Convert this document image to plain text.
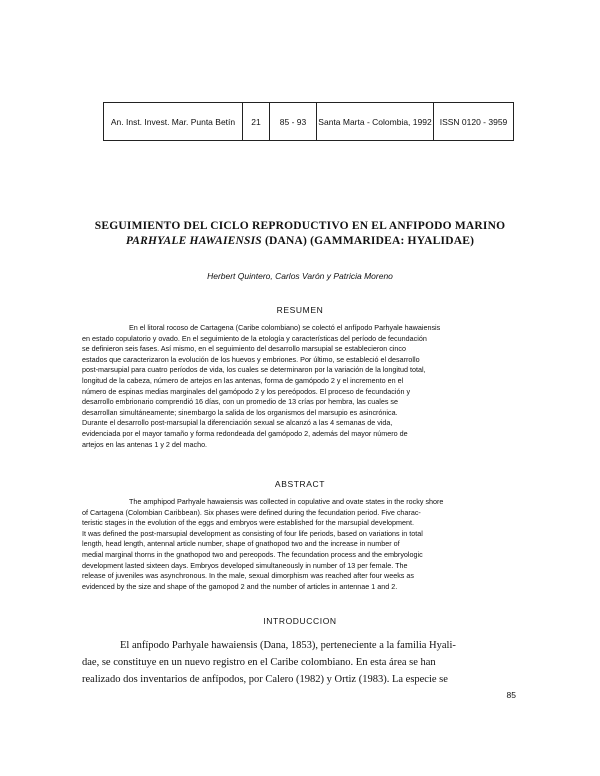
An. Inst. Invest. Mar. Punta Betín	21	85 - 93	Santa Marta - Colombia, 1992 ISSN 0120 - 3959
SEGUIMIENTO DEL CICLO REPRODUCTIVO EN EL ANFIPODO MARINO
PARHYALE HAWAIENSIS (DANA) (GAMMARIDEA: HYALIDAE)
Herbert Quintero, Carlos Varón y Patricia Moreno
RESUMEN
En el litoral rocoso de Cartagena (Caribe colombiano) se colectó el anfípodo Parhyale hawaiensis
en estado copulatorio y ovado. En el seguimiento de la etología y características del período de fecundación
se definieron seis fases. Así mismo, en el seguimiento del desarrollo marsupial se establecieron cinco
estados que caracterizaron la evolución de los huevos y embriones. Por último, se estableció el desarrollo
post-marsupial para cuatro períodos de vida, los cuales se determinaron por la variación de la longitud total,
longitud de la cabeza, número de artejos en las antenas, forma de gamópodo 2 y el incremento en el
número de espinas medias marginales del gamópodo 2 y los pereópodos. El proceso de fecundación y
desarrollo embrionario comprendió 16 días, con un promedio de 13 crías por hembra, las cuales se
desarrollan simultáneamente; sinembargo la salida de los organismos del marsupio es asincrónica.
Durante el desarrollo post-marsupial la diferenciación sexual se alcanzó a las 4 semanas de vida,
evidenciada por el mayor tamaño y forma redondeada del gamópodo 2, además del mayor número de
artejos en las antenas 1 y 2 del macho.
ABSTRACT
The amphipod Parhyale hawaiensis was collected in copulative and ovate states in the rocky shore
of Cartagena (Colombian Caribbean). Six phases were defined during the fecundation period. Five charac-
teristic stages in the evolution of the eggs and embryos were established for the marsupial development.
It was defined the post-marsupial development as consisting of four life periods, based on variations in total
length, head length, antennal article number, shape of gnathopod two and the increase in number of
medial marginal thorns in the gnathopod two and pereopods. The fecundation process and the embryologic
development lasted sixteen days. Embryos developed simultaneously in number of 13 per female. The
release of juveniles was asynchronous. In the male, sexual dimorphism was reached after four weeks as
evidenced by the size and shape of the gamopod 2 and the number of articles in antennae 1 and 2.
INTRODUCCION
El anfípodo Parhyale hawaiensis (Dana, 1853), perteneciente a la familia Hyali-
dae, se constituye en un nuevo registro en el Caribe colombiano. En esta área se han
realizado dos inventarios de anfípodos, por Calero (1982) y Ortiz (1983). La especie se
85
